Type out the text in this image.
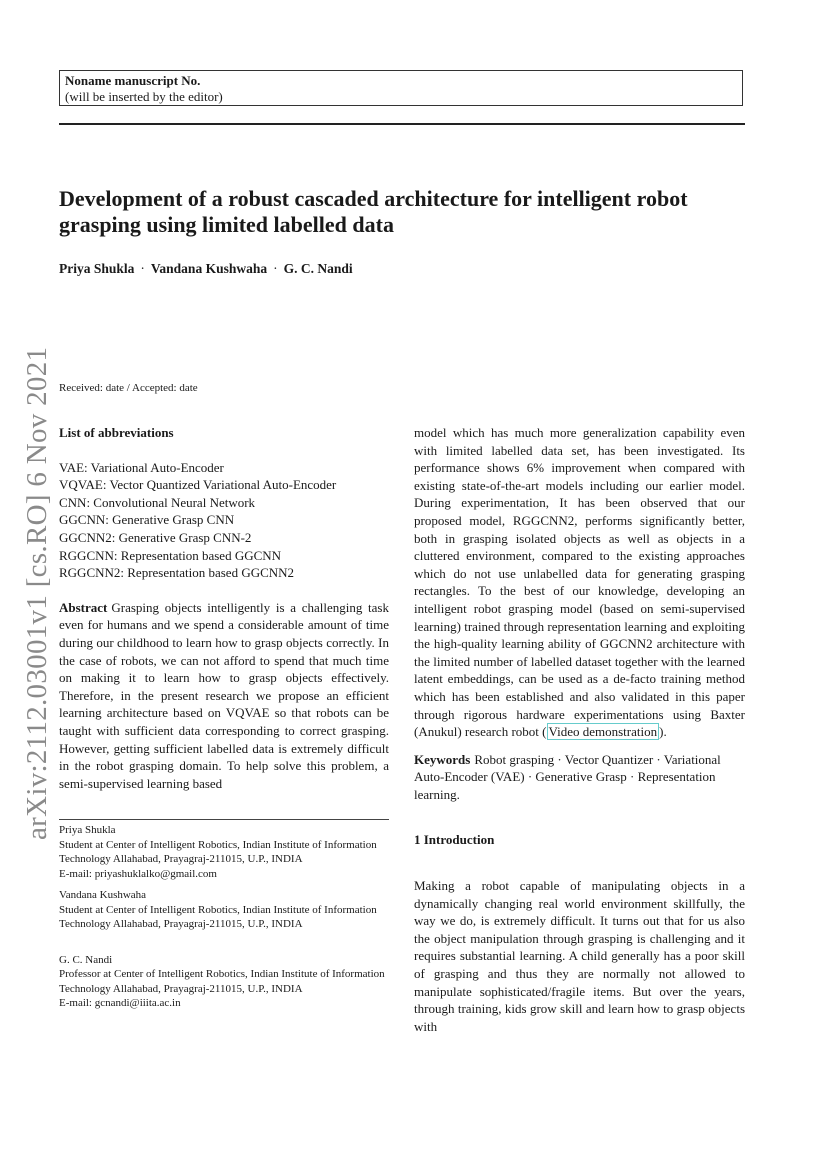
Noname manuscript No.
(will be inserted by the editor)
Development of a robust cascaded architecture for intelligent robot grasping using limited labelled data
Priya Shukla · Vandana Kushwaha · G. C. Nandi
arXiv:2112.03001v1 [cs.RO] 6 Nov 2021 Received: date / Accepted: date

List of abbreviations

VAE: Variational Auto-Encoder

VQVAE: Vector Quantized Variational Auto-Encoder

CNN: Convolutional Neural Network

GGCNN: Generative Grasp CNN

GGCNN2: Generative Grasp CNN-2

RGGCNN: Representation based GGCNN

RGGCNN2: Representation based GGCNN2

Abstract Grasping objects intelligently is a challenging task even for humans and we spend a considerable amount of time during our childhood to learn how to grasp objects correctly. In the case of robots, we can not afford to spend that much time on making it to learn how to grasp objects effectively. Therefore, in the present research we propose an efficient learning architecture based on VQVAE so that robots can be taught with sufficient data corresponding to correct grasping. However, getting sufficient labelled data is extremely difficult in the robot grasping domain. To help solve this problem, a semi-supervised learning based

model which has much more generalization capability even with limited labelled data set, has been investigated. Its performance shows 6% improvement when compared with existing state-of-the-art models including our earlier model. During experimentation, It has been observed that our proposed model, RGGCNN2, performs significantly better, both in grasping isolated objects as well as objects in a cluttered environment, compared to the existing approaches which do not use unlabelled data for generating grasping rectangles. To the best of our knowledge, developing an intelligent robot grasping model (based on semi-supervised learning) trained through representation learning and exploiting the high-quality learning ability of GGCNN2 architecture with the limited number of labelled dataset together with the learned latent embeddings, can be used as a de-facto training method which has been established and also validated in this paper through rigorous hardware experimentations using Baxter (Anukul) research robot ( Video demonstration ).

Keywords Robot grasping · Vector Quantizer · Variational Auto-Encoder (VAE) · Generative Grasp · Representation learning.

1 Introduction

Making a robot capable of manipulating objects in a dynamically changing real world environment skillfully, the way we do, is extremely difficult. It turns out that for us also the object manipulation through grasping is challenging and it requires substantial learning. A child generally has a poor skill of grasping and thus they are normally not allowed to manipulate sophisticated/fragile items. But over the years, through training, kids grow skill and learn how to grasp objects with

Priya Shukla
Student at Center of Intelligent Robotics, Indian Institute of Information Technology Allahabad, Prayagraj-211015, U.P., INDIA
E-mail: priyashuklalko@gmail.com
Vandana Kushwaha
Student at Center of Intelligent Robotics, Indian Institute of Information Technology Allahabad, Prayagraj-211015, U.P., INDIA
G. C. Nandi
Professor at Center of Intelligent Robotics, Indian Institute of Information Technology Allahabad, Prayagraj-211015, U.P., INDIA
E-mail: gcnandi@iiita.ac.in
